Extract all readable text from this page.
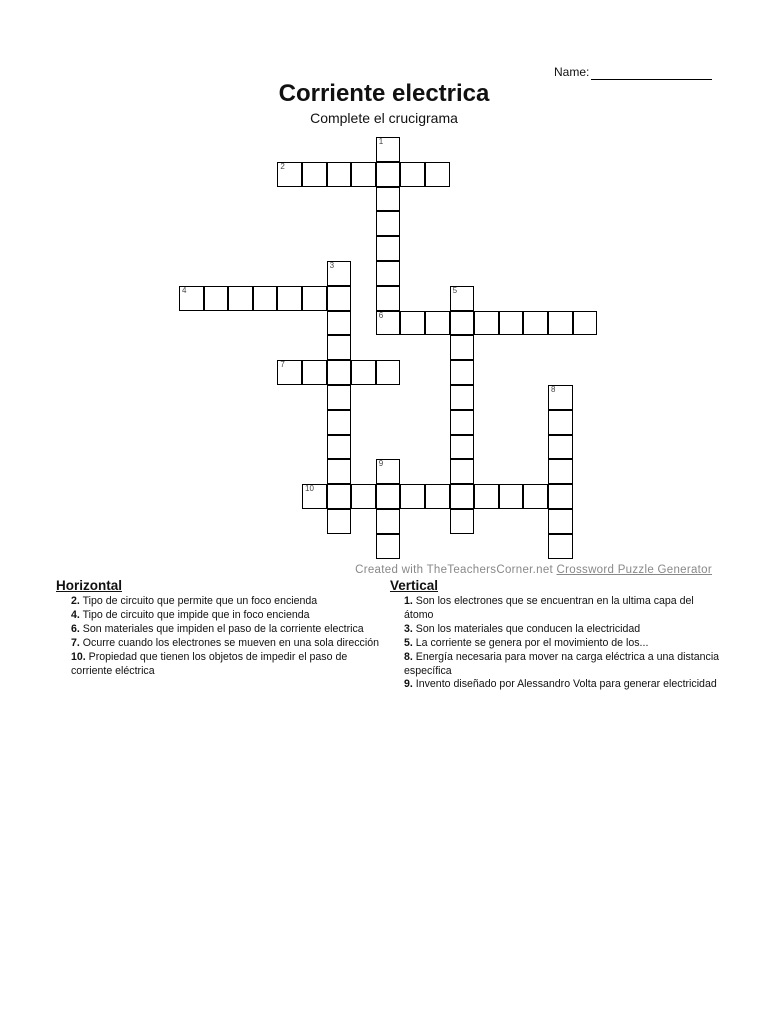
Name:
Corriente electrica
Complete el crucigrama
1
6
2
3
4	5
7
8
9
10
Created with TheTeachersCorner.net Crossword Puzzle Generator
Horizontal

2. Tipo de circuito que permite que un foco encienda

4. Tipo de circuito que impide que in foco encienda

6. Son materiales que impiden el paso de la corriente electrica

7. Ocurre cuando los electrones se mueven en una sola dirección

10. Propiedad que tienen los objetos de impedir el paso de corriente eléctrica

Vertical

1. Son los electrones que se encuentran en la ultima capa del átomo

3. Son los materiales que conducen la electricidad

5. La corriente se genera por el movimiento de los...

8. Energía necesaria para mover na carga eléctrica a una distancia específica

9. Invento diseñado por Alessandro Volta para generar electricidad
